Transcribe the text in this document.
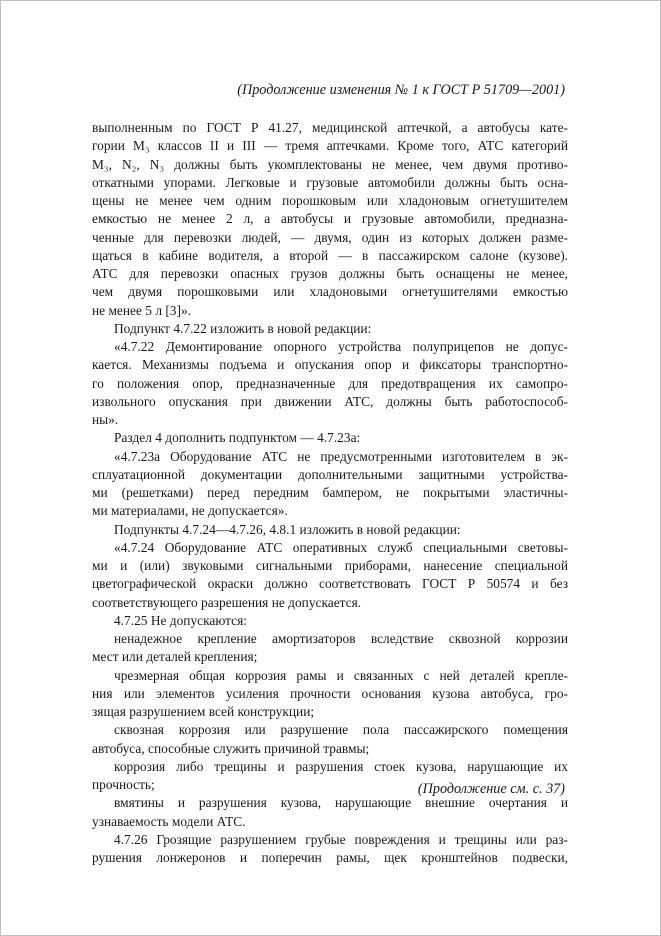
(Продолжение изменения № 1 к ГОСТ Р 51709—2001)
выполненным по ГОСТ Р 41.27, медицинской аптечкой, а автобусы кате-
гории M₃ классов II и III — тремя аптечками. Кроме того, АТС категорий
M₃, N₂, N₃ должны быть укомплектованы не менее, чем двумя противо-
откатными упорами. Легковые и грузовые автомобили должны быть осна-
щены не менее чем одним порошковым или хладоновым огнетушителем
емкостью не менее 2 л, а автобусы и грузовые автомобили, предназна-
ченные для перевозки людей, — двумя, один из которых должен разме-
щаться в кабине водителя, а второй — в пассажирском салоне (кузове).
АТС для перевозки опасных грузов должны быть оснащены не менее,
чем двумя порошковыми или хладоновыми огнетушителями емкостью
не менее 5 л [3]».
Подпункт 4.7.22 изложить в новой редакции:
«4.7.22 Демонтирование опорного устройства полуприцепов не допус-
кается. Механизмы подъема и опускания опор и фиксаторы транспортно-
го положения опор, предназначенные для предотвращения их самопро-
извольного опускания при движении АТС, должны быть работоспособ-
ны».
Раздел 4 дополнить подпунктом — 4.7.23а:
«4.7.23а Оборудование АТС не предусмотренными изготовителем в эк-
сплуатационной документации дополнительными защитными устройства-
ми (решетками) перед передним бампером, не покрытыми эластичны-
ми материалами, не допускается».
Подпункты 4.7.24—4.7.26, 4.8.1 изложить в новой редакции:
«4.7.24 Оборудование АТС оперативных служб специальными световы-
ми и (или) звуковыми сигнальными приборами, нанесение специальной
цветографической окраски должно соответствовать ГОСТ Р 50574 и без
соответствующего разрешения не допускается.
4.7.25 Не допускаются:
ненадежное крепление амортизаторов вследствие сквозной коррозии
мест или деталей крепления;
чрезмерная общая коррозия рамы и связанных с ней деталей крепле-
ния или элементов усиления прочности основания кузова автобуса, гро-
зящая разрушением всей конструкции;
сквозная коррозия или разрушение пола пассажирского помещения
автобуса, способные служить причиной травмы;
коррозия либо трещины и разрушения стоек кузова, нарушающие их
прочность;
вмятины и разрушения кузова, нарушающие внешние очертания и
узнаваемость модели АТС.
4.7.26 Грозящие разрушением грубые повреждения и трещины или раз-
рушения лонжеронов и поперечин рамы, щек кронштейнов подвески,
(Продолжение см. с. 37)
